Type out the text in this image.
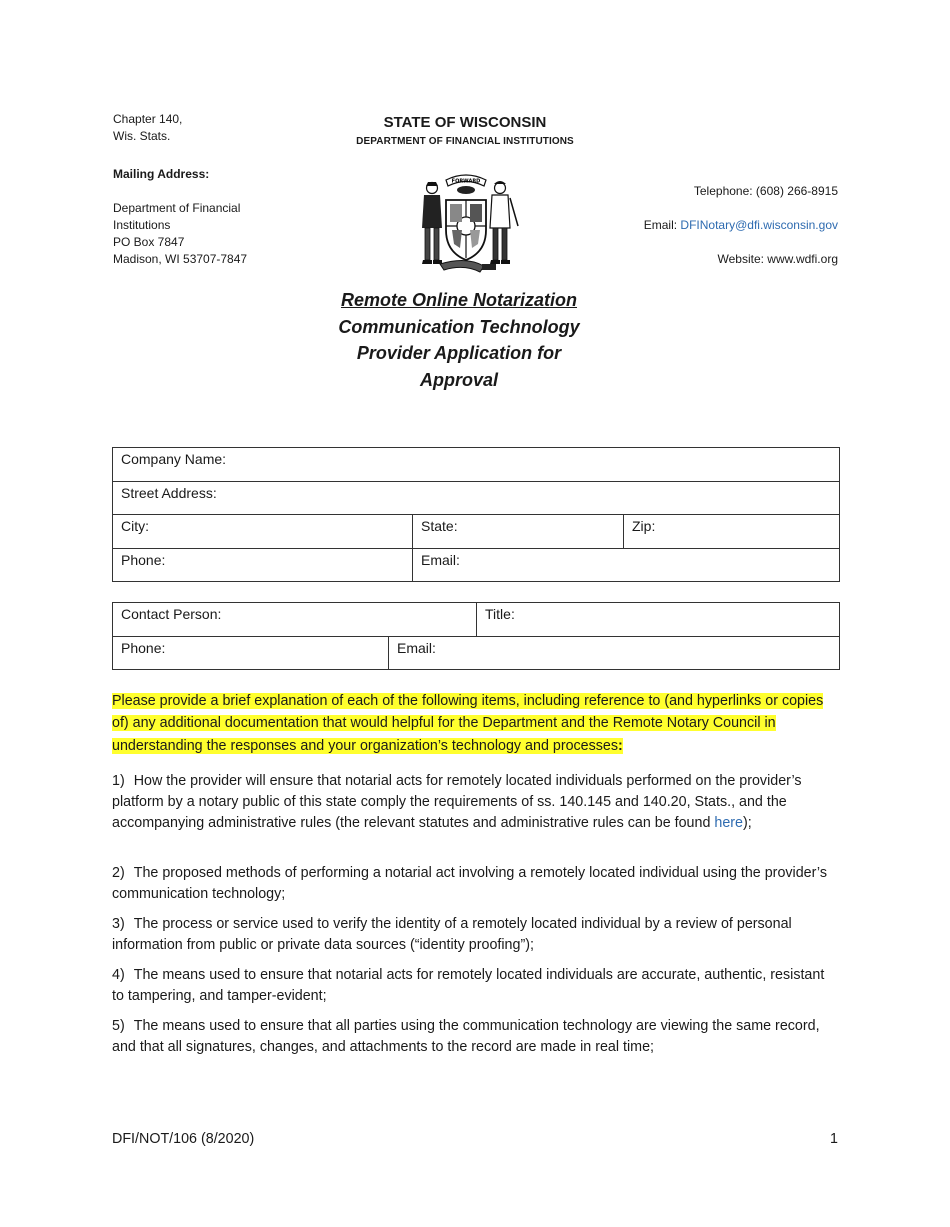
Chapter 140,
Wis. Stats.
Mailing Address:
Department of Financial
Institutions
PO Box 7847
Madison, WI 53707-7847
STATE OF WISCONSIN
DEPARTMENT OF FINANCIAL INSTITUTIONS
FORWARD
Telephone: (608) 266-8915
Email: DFINotary@dfi.wisconsin.gov
Website: www.wdfi.org
Remote Online Notarization
Communication Technology
Provider Application for
Approval
Company Name:		
Street Address:		
City:	State:	Zip:
Phone:	Email:	
Contact Person:		Title:
Phone:	Email:	
Please provide a brief explanation of each of the following items, including reference to (and hyperlinks or copies of) any additional documentation that would helpful for the Department and the Remote Notary Council in understanding the responses and your organization’s technology and processes:
1) How the provider will ensure that notarial acts for remotely located individuals performed on the provider’s platform by a notary public of this state comply the requirements of ss. 140.145 and 140.20, Stats., and the accompanying administrative rules (the relevant statutes and administrative rules can be found here);
2) The proposed methods of performing a notarial act involving a remotely located individual using the provider’s communication technology;
3) The process or service used to verify the identity of a remotely located individual by a review of personal information from public or private data sources (“identity proofing”);
4) The means used to ensure that notarial acts for remotely located individuals are accurate, authentic, resistant to tampering, and tamper-evident;
5) The means used to ensure that all parties using the communication technology are viewing the same record, and that all signatures, changes, and attachments to the record are made in real time;
DFI/NOT/106 (8/2020)	1
